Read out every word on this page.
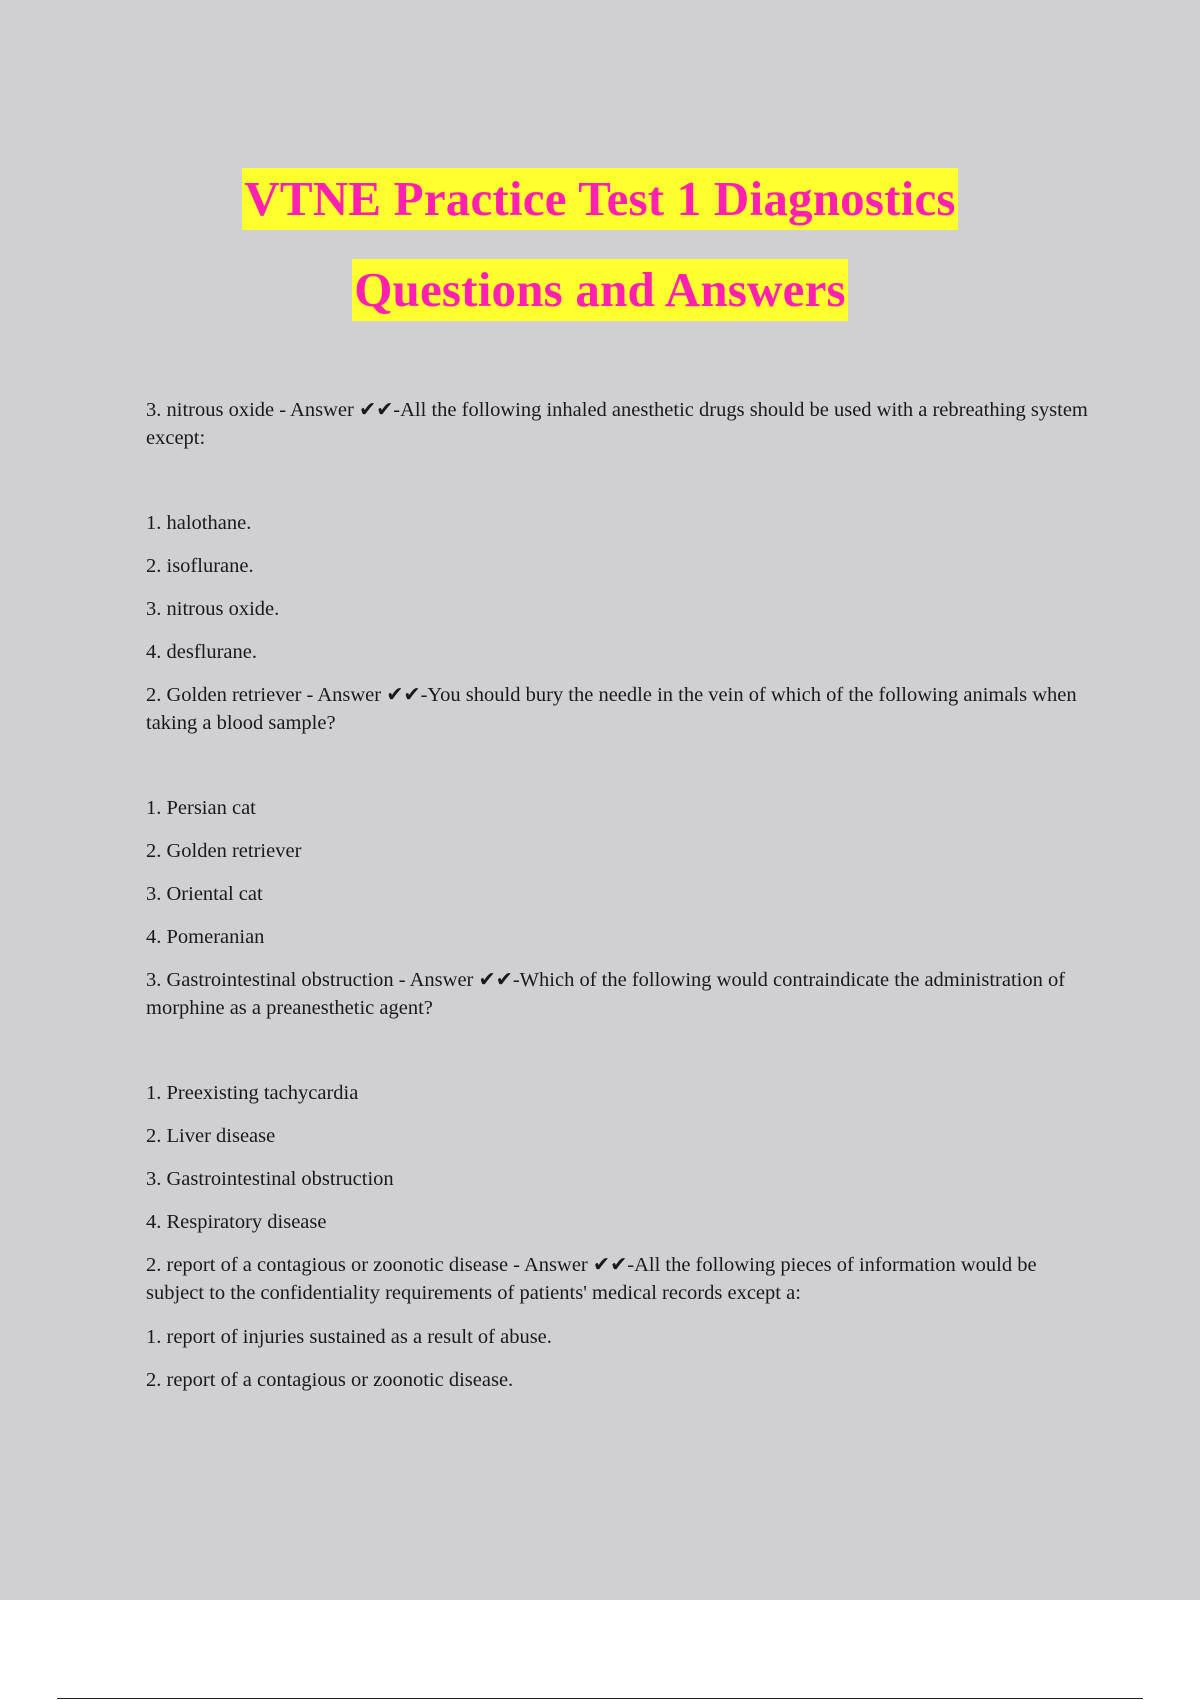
VTNE Practice Test 1 Diagnostics
Questions and Answers

3. nitrous oxide - Answer ✔✔-All the following inhaled anesthetic drugs should be used with a rebreathing system except:

1. halothane.
2. isoflurane.
3. nitrous oxide.
4. desflurane.

2. Golden retriever - Answer ✔✔-You should bury the needle in the vein of which of the following animals when taking a blood sample?

1. Persian cat
2. Golden retriever
3. Oriental cat
4. Pomeranian

3. Gastrointestinal obstruction - Answer ✔✔-Which of the following would contraindicate the administration of morphine as a preanesthetic agent?

1. Preexisting tachycardia
2. Liver disease
3. Gastrointestinal obstruction
4. Respiratory disease

2. report of a contagious or zoonotic disease - Answer ✔✔-All the following pieces of information would be subject to the confidentiality requirements of patients' medical records except a:

1. report of injuries sustained as a result of abuse.
2. report of a contagious or zoonotic disease.
